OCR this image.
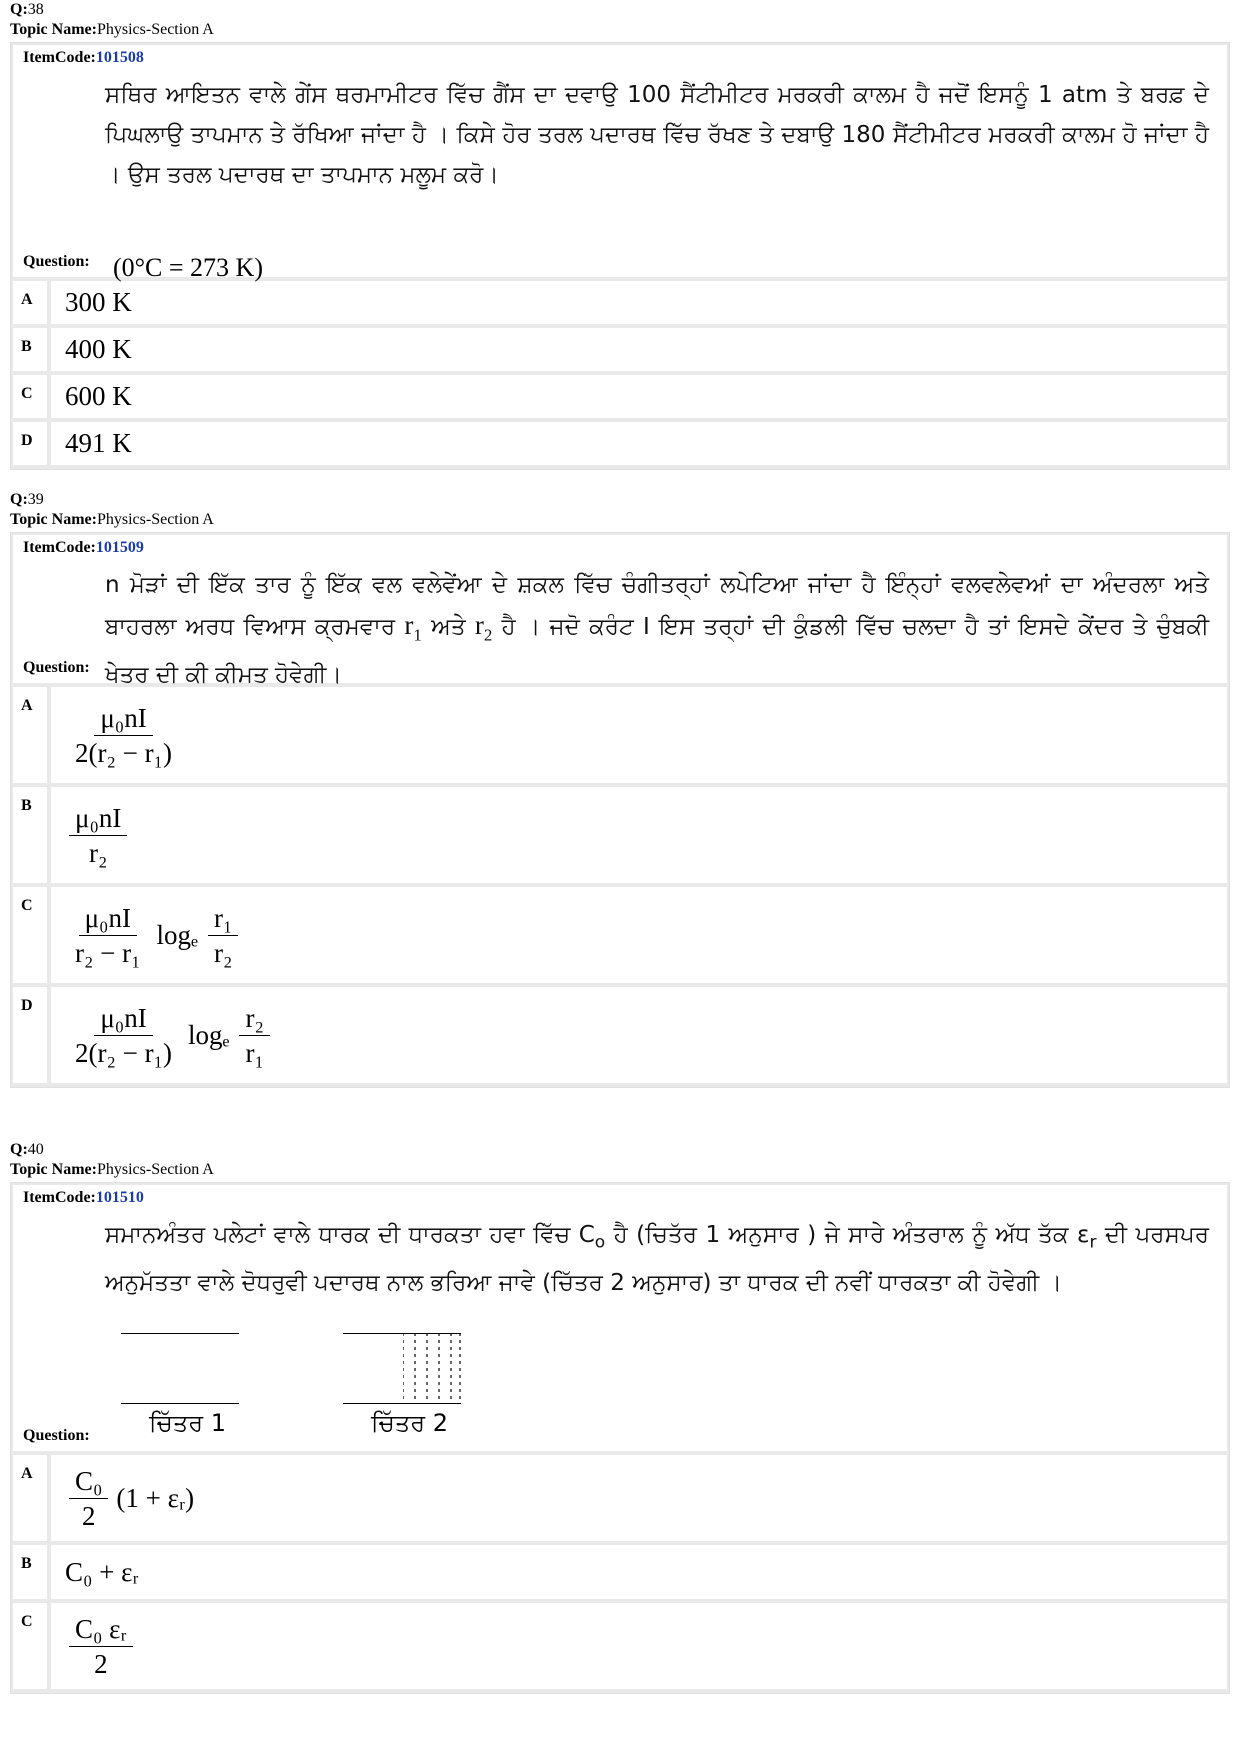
Q:38
Topic Name:Physics-Section A
ItemCode:101508
ਸਥਿਰ ਆਇਤਨ ਵਾਲੇ ਗੇਂਸ ਥਰਮਾਮੀਟਰ ਵਿੱਚ ਗੈਂਸ ਦਾ ਦਵਾਉ 100 ਸੈਂਟੀਮੀਟਰ ਮਰਕਰੀ ਕਾਲਮ ਹੈ ਜਦੋਂ ਇਸਨੂੰ 1 atm ਤੇ ਬਰਫ਼ ਦੇ ਪਿਘਲਾਉ ਤਾਪਮਾਨ ਤੇ ਰੱਖਿਆ ਜਾਂਦਾ ਹੈ । ਕਿਸੇ ਹੋਰ ਤਰਲ ਪਦਾਰਥ ਵਿੱਚ ਰੱਖਣ ਤੇ ਦਬਾਉ 180 ਸੈਂਟੀਮੀਟਰ ਮਰਕਰੀ ਕਾਲਮ ਹੋ ਜਾਂਦਾ ਹੈ । ਉਸ ਤਰਲ ਪਦਾਰਥ ਦਾ ਤਾਪਮਾਨ ਮਲੂਮ ਕਰੋ।
(0°C = 273 K)
Question:
A	300 K
B	400 K
C	600 K
D	491 K
Q:39
Topic Name:Physics-Section A
ItemCode:101509
n ਮੋੜਾਂ ਦੀ ਇੱਕ ਤਾਰ ਨੂੰ ਇੱਕ ਵਲ ਵਲੇਵੇਂਆ ਦੇ ਸ਼ਕਲ ਵਿੱਚ ਚੰਗੀਤਰ੍ਹਾਂ ਲਪੇਟਿਆ ਜਾਂਦਾ ਹੈ ਇੰਨ੍ਹਾਂ ਵਲਵਲੇਵਆਂ ਦਾ ਅੰਦਰਲਾ ਅਤੇ ਬਾਹਰਲਾ ਅਰਧ ਵਿਆਸ ਕ੍ਰਮਵਾਰ $r_1$ ਅਤੇ $r_2$ ਹੈ । ਜਦੋ ਕਰੰਟ I ਇਸ ਤਰ੍ਹਾਂ ਦੀ ਕੁੰਡਲੀ ਵਿੱਚ ਚਲਦਾ ਹੈ ਤਾਂ ਇਸਦੇ ਕੇਂਦਰ ਤੇ ਚੁੰਬਕੀ ਖੇਤਰ ਦੀ ਕੀ ਕੀਮਤ ਹੋਵੇਗੀ।
Question:
A	$\frac{\text{μ₀nI}}{\text{2(r₂ − r₁)}}$
B	$\frac{\text{μ₀nI}}{\text{r₂}}$
C	$\frac{\text{μ₀nI}}{\text{r₂ − r₁}}$ logₑ $\frac{\text{r₁}}{\text{r₂}}$
D	$\frac{\text{μ₀nI}}{\text{2(r₂ − r₁)}}$ logₑ $\frac{\text{r₂}}{\text{r₁}}$
Q:40
Topic Name:Physics-Section A
ItemCode:101510
ਸਮਾਨਅੰਤਰ ਪਲੇਟਾਂ ਵਾਲੇ ਧਾਰਕ ਦੀ ਧਾਰਕਤਾ ਹਵਾ ਵਿੱਚ $C_o$ ਹੈ (ਚਿਤੱਰ 1 ਅਨੁਸਾਰ ) ਜੇ ਸਾਰੇ ਅੰਤਰਾਲ ਨੂੰ ਅੱਧ ਤੱਕ $\varepsilon_r$ ਦੀ ਪਰਸਪਰ ਅਨੁਮੱਤਤਾ ਵਾਲੇ ਦੋਧਰੁਵੀ ਪਦਾਰਥ ਨਾਲ ਭਰਿਆ ਜਾਵੇ (ਚਿੱਤਰ 2 ਅਨੁਸਾਰ) ਤਾ ਧਾਰਕ ਦੀ ਨਵੀਂ ਧਾਰਕਤਾ ਕੀ ਹੋਵੇਗੀ ।
ਚਿੱਤਰ 1	ਚਿੱਤਰ 2
Question:
A	$\frac{\text{C₀}}{2} (1$ + εᵣ)
B	C₀ + εᵣ
C	$\frac{\text{C₀ εᵣ}}{2}$
